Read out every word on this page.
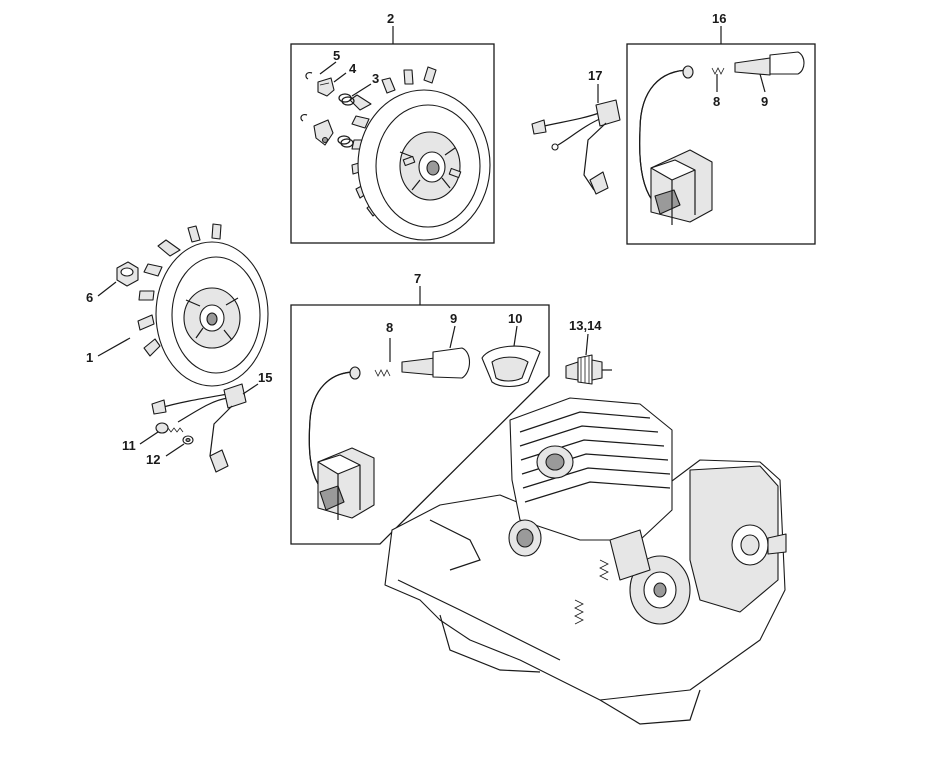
2
5
4
3
16
8	9
17
6
1
15
11
12
7
8
9	10	13,14
